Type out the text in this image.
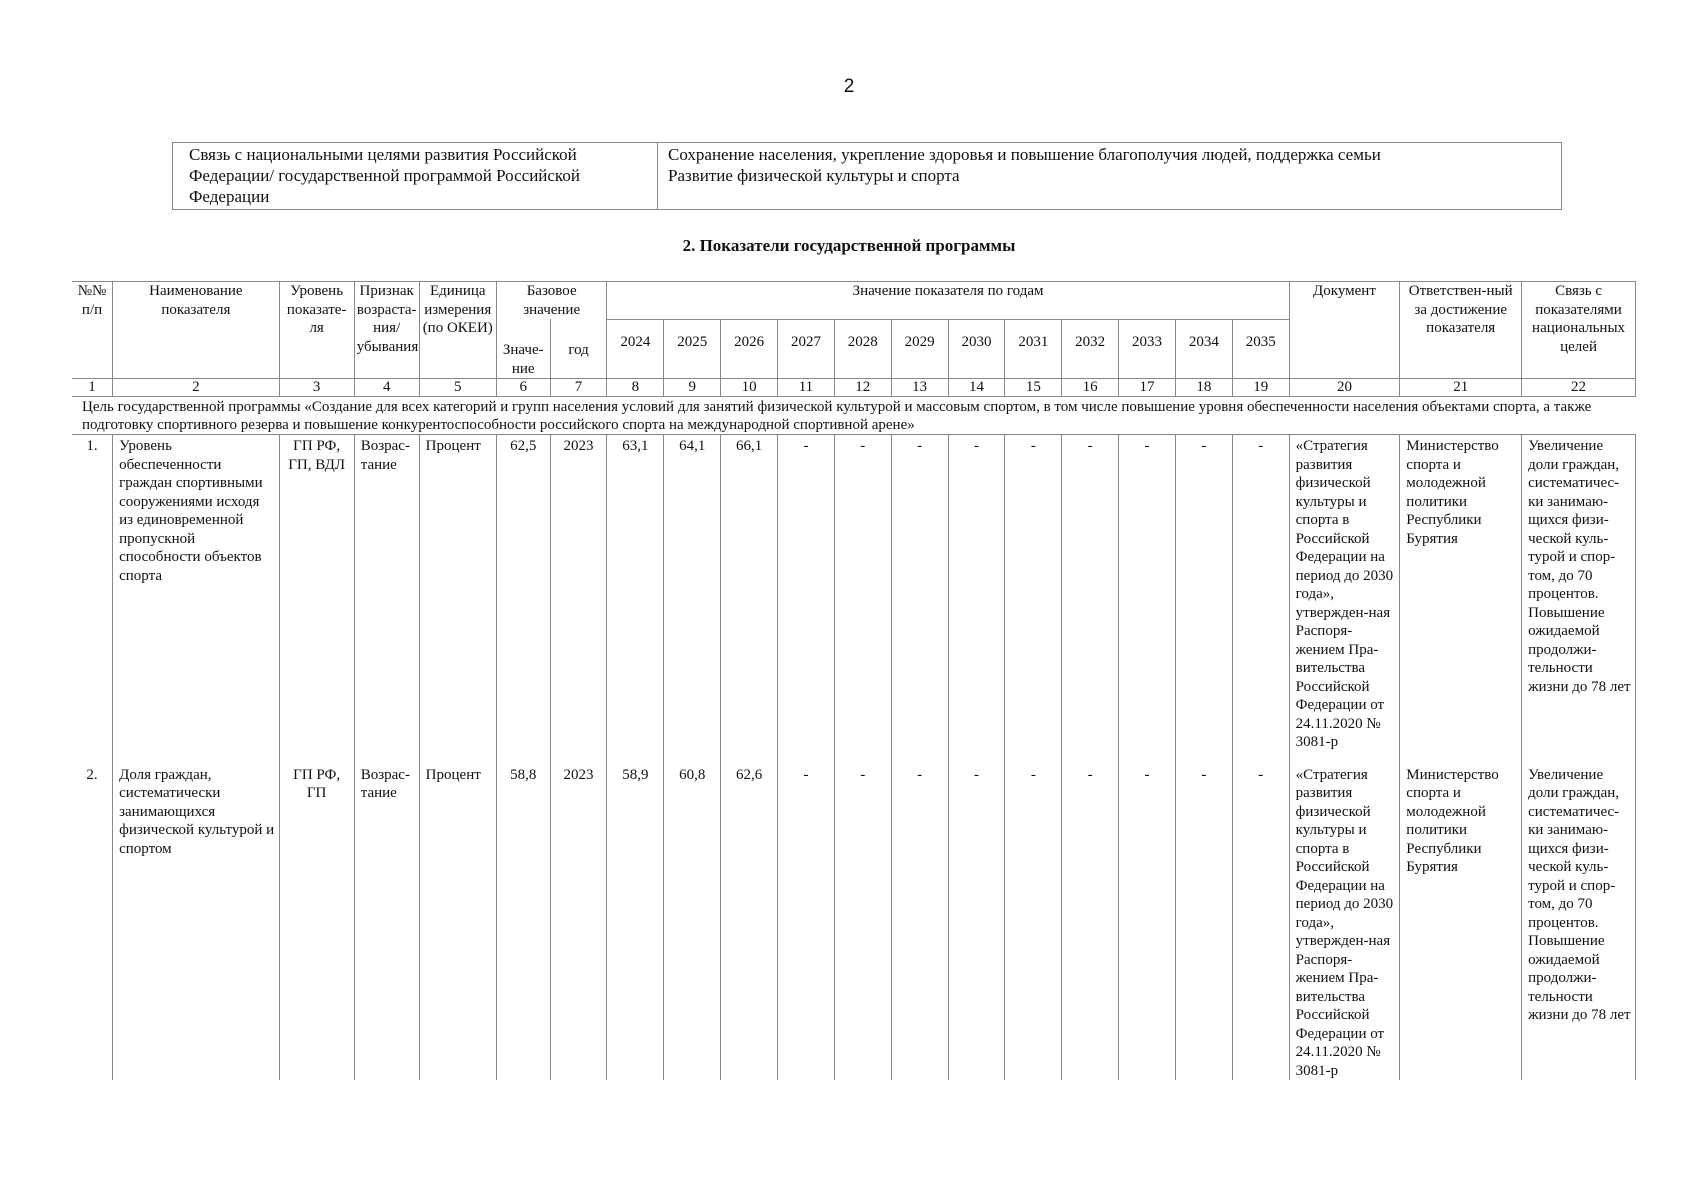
2
Связь с национальными целями развития Российской
Федерации/ государственной программой Российской
Федерации

Сохранение населения, укрепление здоровья и повышение благополучия людей, поддержка семьи
Развитие физической культуры и спорта
2. Показатели государственной программы
№№ п/п	Наименование показателя	Уровень показате-ля	Признак возраста-ния/ убывания	Единица измерения (по ОКЕИ)	Базовое значение		Значение показателя по годам												Документ	Ответствен-ный за достижение показателя	Связь с показателями национальных целей
					Значе-ние	год	2024	2025	2026	2027	2028	2029	2030	2031	2032	2033	2034	2035			
1	2	3	4	5	6	7	8	9	10	11	12	13	14	15	16	17	18	19	20	21	22
Цель государственной программы «Создание для всех категорий и групп населения условий для занятий физической культурой и массовым спортом, в том числе повышение уровня обеспеченности населения объектами спорта, а также подготовку спортивного резерва и повышение конкурентоспособности российского спорта на международной спортивной арене»																					
1.	Уровень обеспеченности граждан спортивными сооружениями исходя из единовременной пропускной способности объектов спорта	ГП РФ, ГП, ВДЛ	Возрас-тание	Процент	62,5	2023	63,1	64,1	66,1	-	-	-	-	-	-	-	-	-	«Стратегия развития физической культуры и спорта в Российской Федерации на период до 2030 года», утвержден-ная Распоря-жением Пра-вительства Российской Федерации от 24.11.2020 № 3081-р	Министерство спорта и молодежной политики Республики Бурятия	Увеличение доли граждан, систематичес-ки занимаю-щихся физи-ческой куль-турой и спор-том, до 70 процентов. Повышение ожидаемой продолжи-тельности жизни до 78 лет
2.	Доля граждан, систематически занимающихся физической культурой и спортом	ГП РФ, ГП	Возрас-тание	Процент	58,8	2023	58,9	60,8	62,6	-	-	-	-	-	-	-	-	-	«Стратегия развития физической культуры и спорта в Российской Федерации на период до 2030 года», утвержден-ная Распоря-жением Пра-вительства Российской Федерации от 24.11.2020 № 3081-р	Министерство спорта и молодежной политики Республики Бурятия	Увеличение доли граждан, систематичес-ки занимаю-щихся физи-ческой куль-турой и спор-том, до 70 процентов. Повышение ожидаемой продолжи-тельности жизни до 78 лет
